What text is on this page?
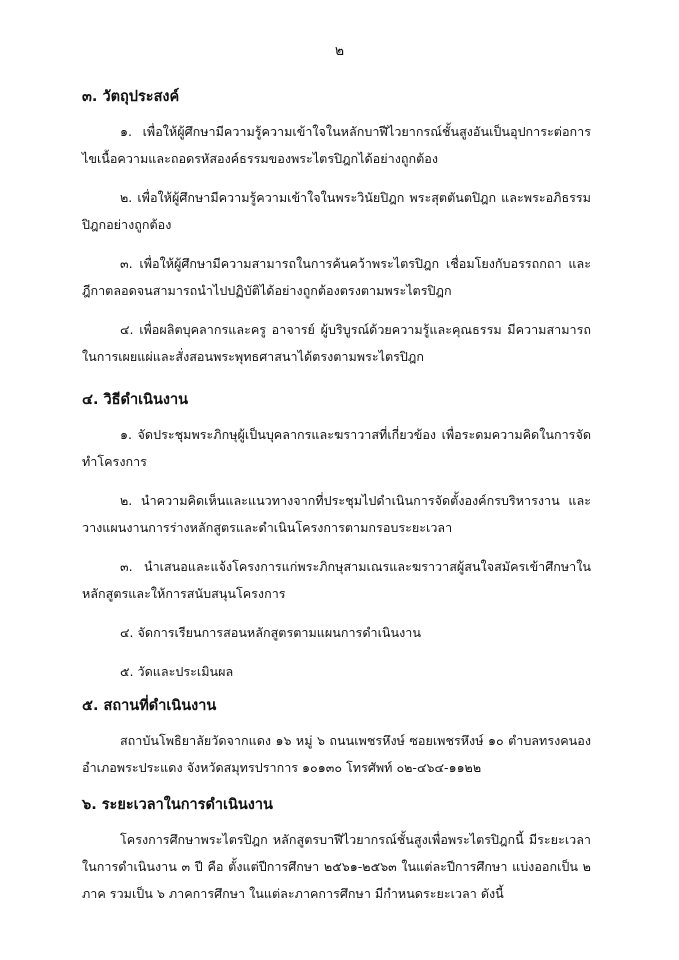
๒
๓. วัตถุประสงค์

๑. เพื่อให้ผู้ศึกษามีความรู้ความเข้าใจในหลักบาฬีไวยากรณ์ชั้นสูงอันเป็นอุปการะต่อการไขเนื้อความและถอดรหัสองค์ธรรมของพระไตรปิฎกได้อย่างถูกต้อง

๒. เพื่อให้ผู้ศึกษามีความรู้ความเข้าใจในพระวินัยปิฎก พระสุตตันตปิฎก และพระอภิธรรมปิฎกอย่างถูกต้อง

๓. เพื่อให้ผู้ศึกษามีความสามารถในการค้นคว้าพระไตรปิฎก เชื่อมโยงกับอรรถกถา และฎีกาตลอดจนสามารถนำไปปฏิบัติได้อย่างถูกต้องตรงตามพระไตรปิฎก

๔. เพื่อผลิตบุคลากรและครู อาจารย์ ผู้บริบูรณ์ด้วยความรู้และคุณธรรม มีความสามารถในการเผยแผ่และสั่งสอนพระพุทธศาสนาได้ตรงตามพระไตรปิฎก

๔. วิธีดำเนินงาน

๑. จัดประชุมพระภิกษุผู้เป็นบุคลากรและฆราวาสที่เกี่ยวข้อง เพื่อระดมความคิดในการจัดทำโครงการ

๒. นำความคิดเห็นและแนวทางจากที่ประชุมไปดำเนินการจัดตั้งองค์กรบริหารงาน และวางแผนงานการร่างหลักสูตรและดำเนินโครงการตามกรอบระยะเวลา

๓. นำเสนอและแจ้งโครงการแก่พระภิกษุสามเณรและฆราวาสผู้สนใจสมัครเข้าศึกษาในหลักสูตรและให้การสนับสนุนโครงการ

๔. จัดการเรียนการสอนหลักสูตรตามแผนการดำเนินงาน

๕. วัดและประเมินผล

๕. สถานที่ดำเนินงาน

สถาบันโพธิยาลัยวัดจากแดง ๑๖ หมู่ ๖ ถนนเพชรหึงษ์ ซอยเพชรหึงษ์ ๑๐ ตำบลทรงคนอง อำเภอพระประแดง จังหวัดสมุทรปราการ ๑๐๑๓๐ โทรศัพท์ ๐๒-๔๖๔-๑๑๒๒

๖. ระยะเวลาในการดำเนินงาน

โครงการศึกษาพระไตรปิฎก หลักสูตรบาฬีไวยากรณ์ชั้นสูงเพื่อพระไตรปิฎกนี้ มีระยะเวลาในการดำเนินงาน ๓ ปี คือ ตั้งแต่ปีการศึกษา ๒๕๖๑-๒๕๖๓ ในแต่ละปีการศึกษา แบ่งออกเป็น ๒ ภาค รวมเป็น ๖ ภาคการศึกษา ในแต่ละภาคการศึกษา มีกำหนดระยะเวลา ดังนี้
